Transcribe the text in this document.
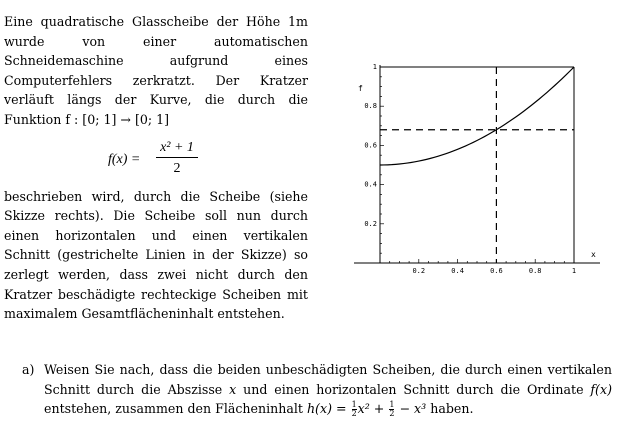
Eine quadratische Glasscheibe der Höhe 1m wurde von einer automatischen Schneidemaschine aufgrund eines Computerfehlers zerkratzt. Der Kratzer verläuft längs der Kurve, die durch die Funktion f : [0; 1] → [0; 1]

f(x) =
x² + 1
2

beschrieben wird, durch die Scheibe (siehe Skizze rechts). Die Scheibe soll nun durch einen horizontalen und einen vertikalen Schnitt (gestrichelte Linien in der Skizze) so zerlegt werden, dass zwei nicht durch den Kratzer beschädigte rechteckige Scheiben mit maximalem Gesamtflächeninhalt entstehen.

0.2	0.4	0.6	0.8	1
0.2
0.4
0.6
0.8
1
f
x
a) Weisen Sie nach, dass die beiden unbeschädigten Scheiben, die durch einen vertikalen Schnitt durch die Abszisse x und einen horizontalen Schnitt durch die Ordinate f(x) entstehen, zusammen den Flächeninhalt $h(x) = \frac{1}{2} x^2 + \frac{1}{2} - x^3$ haben.
